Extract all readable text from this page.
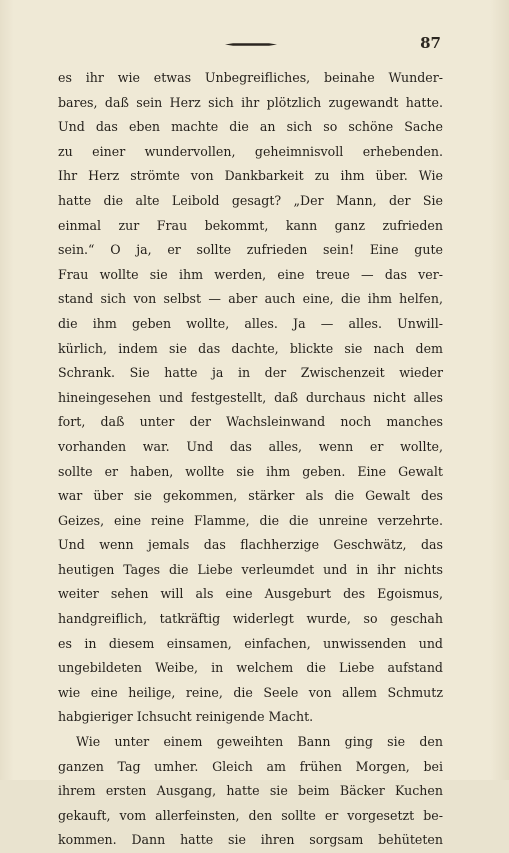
87
es ihr wie etwas Unbegreifliches, beinahe Wunder-
bares, daß sein Herz sich ihr plötzlich zugewandt hatte.
Und das eben machte die an sich so schöne Sache
zu einer wundervollen, geheimnisvoll erhebenden.
Ihr Herz strömte von Dankbarkeit zu ihm über. Wie
hatte die alte Leibold gesagt? „Der Mann, der Sie
einmal zur Frau bekommt, kann ganz zufrieden
sein.“ O ja, er sollte zufrieden sein! Eine gute
Frau wollte sie ihm werden, eine treue — das ver-
stand sich von selbst — aber auch eine, die ihm helfen,
die ihm geben wollte, alles. Ja — alles. Unwill-
kürlich, indem sie das dachte, blickte sie nach dem
Schrank. Sie hatte ja in der Zwischenzeit wieder
hineingesehen und festgestellt, daß durchaus nicht alles
fort, daß unter der Wachsleinwand noch manches
vorhanden war. Und das alles, wenn er wollte,
sollte er haben, wollte sie ihm geben. Eine Gewalt
war über sie gekommen, stärker als die Gewalt des
Geizes, eine reine Flamme, die die unreine verzehrte.
Und wenn jemals das flachherzige Geschwätz, das
heutigen Tages die Liebe verleumdet und in ihr nichts
weiter sehen will als eine Ausgeburt des Egoismus,
handgreiflich, tatkräftig widerlegt wurde, so geschah
es in diesem einsamen, einfachen, unwissenden und
ungebildeten Weibe, in welchem die Liebe aufstand
wie eine heilige, reine, die Seele von allem Schmutz
habgieriger Ichsucht reinigende Macht.
Wie unter einem geweihten Bann ging sie den
ganzen Tag umher. Gleich am frühen Morgen, bei
ihrem ersten Ausgang, hatte sie beim Bäcker Kuchen
gekauft, vom allerfeinsten, den sollte er vorgesetzt be-
kommen. Dann hatte sie ihren sorgsam behüteten
